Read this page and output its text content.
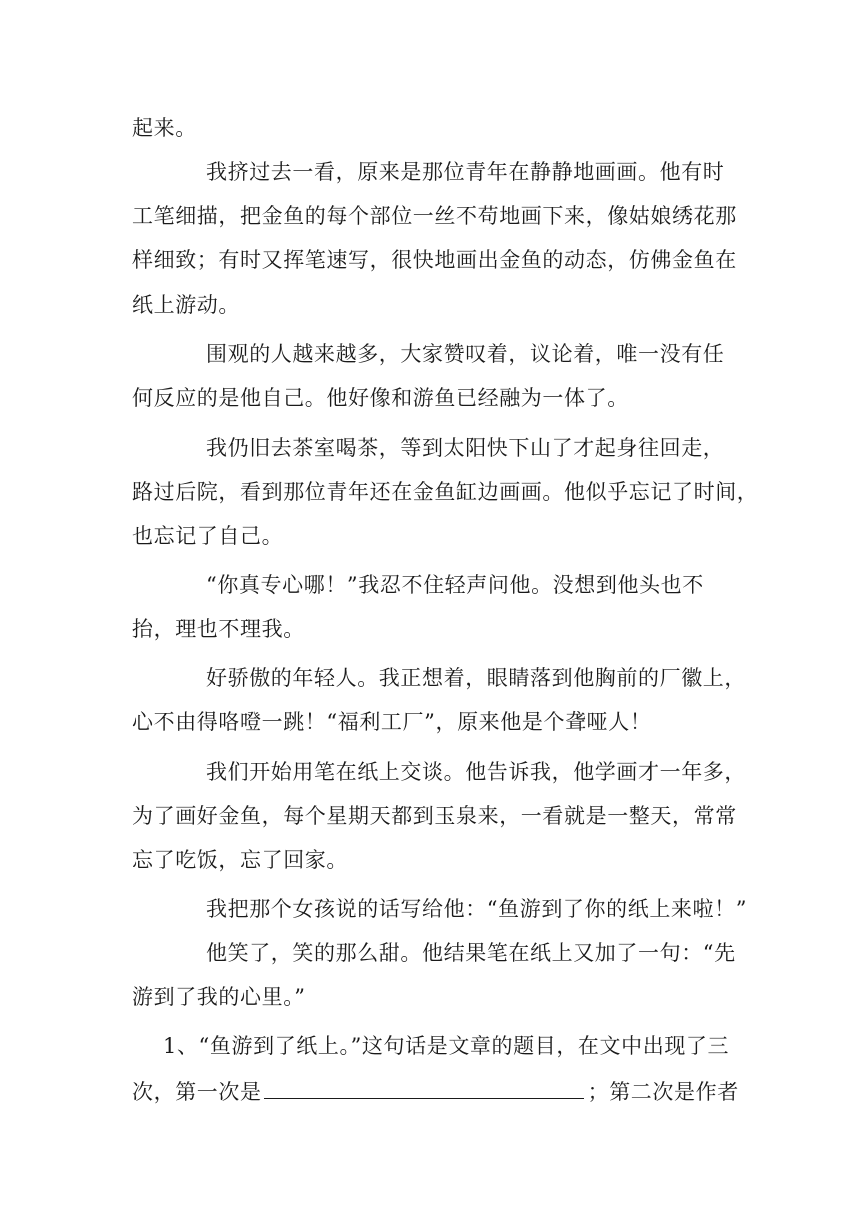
起来。
我挤过去一看，原来是那位青年在静静地画画。他有时
工笔细描，把金鱼的每个部位一丝不苟地画下来，像姑娘绣花那
样细致；有时又挥笔速写，很快地画出金鱼的动态，仿佛金鱼在
纸上游动。
围观的人越来越多，大家赞叹着，议论着，唯一没有任
何反应的是他自己。他好像和游鱼已经融为一体了。
我仍旧去茶室喝茶，等到太阳快下山了才起身往回走，
路过后院，看到那位青年还在金鱼缸边画画。他似乎忘记了时间，
也忘记了自己。
“你真专心哪！”我忍不住轻声问他。没想到他头也不
抬，理也不理我。
好骄傲的年轻人。我正想着，眼睛落到他胸前的厂徽上，
心不由得咯噔一跳！“福利工厂”，原来他是个聋哑人！
我们开始用笔在纸上交谈。他告诉我，他学画才一年多，
为了画好金鱼，每个星期天都到玉泉来，一看就是一整天，常常
忘了吃饭，忘了回家。
我把那个女孩说的话写给他：“鱼游到了你的纸上来啦！”
他笑了，笑的那么甜。他结果笔在纸上又加了一句：“先
游到了我的心里。”
1、“鱼游到了纸上。”这句话是文章的题目，在文中出现了三
次，第一次是	；第二次是作者
